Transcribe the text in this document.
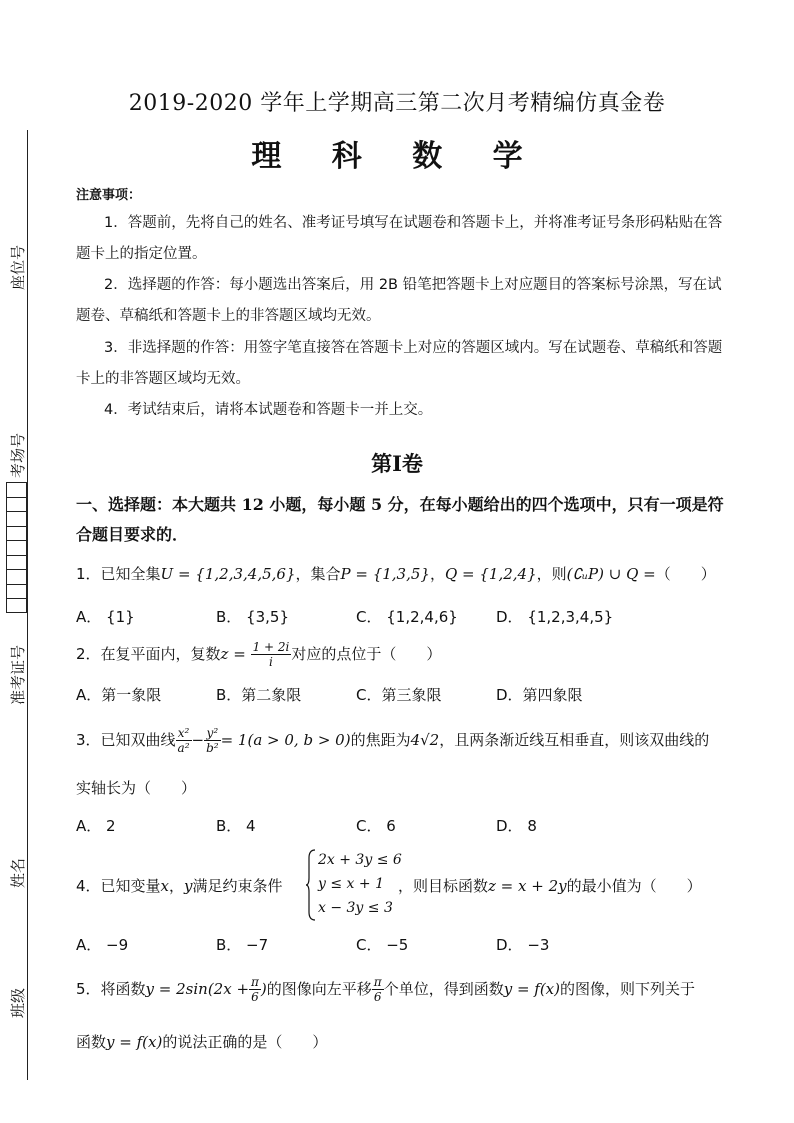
座位号
考场号
准考证号
姓名
班级
2019-2020 学年上学期高三第二次月考精编仿真金卷
理 科 数 学
注意事项：
1．答题前，先将自己的姓名、准考证号填写在试题卷和答题卡上，并将准考证号条形码粘贴在答题卡上的指定位置。
2．选择题的作答：每小题选出答案后，用 2B 铅笔把答题卡上对应题目的答案标号涂黑，写在试题卷、草稿纸和答题卡上的非答题区域均无效。
3．非选择题的作答：用签字笔直接答在答题卡上对应的答题区域内。写在试题卷、草稿纸和答题卡上的非答题区域均无效。
4．考试结束后，请将本试题卷和答题卡一并上交。
第Ⅰ卷
一、选择题：本大题共 12 小题，每小题 5 分，在每小题给出的四个选项中，只有一项是符合题目要求的．
1．已知全集U = {1,2,3,4,5,6}，集合P = {1,3,5}，Q = {1,2,4}，则(∁ᵤP) ∪ Q =（　　）
A． {1}	B． {3,5}	C． {1,2,4,6}	D． {1,2,3,4,5}
2．在复平面内，复数$z = \frac{1 + 2i}{i}$ 对应的点位于（　　）
A．第一象限	B．第二象限	C．第三象限	D．第四象限
3．已知双曲线 $\frac{\text{x²}}{\text{a²}} - \frac{\text{y²}}{\text{b²}} = 1(a > 0$, b > 0)的焦距为4√2，且两条渐近线互相垂直，则该双曲线的
实轴长为（　　）
A． 2	B． 4	C． 6	D． 8
4．已知变量x，y满足约束条件
2x + 3y ≤ 6
y ≤ x + 1
x − 3y ≤ 3
，则目标函数z = x + 2y的最小值为（　　）
A． −9	B． −7	C． −5	D． −3
5．将函数$y = 2\sin(2x + \frac{\pi}{6}$ )的图像向左平移 $\frac{\pi}{6}$ 个单位，得到函数y = f(x)的图像，则下列关于
函数y = f(x)的说法正确的是（　　）
